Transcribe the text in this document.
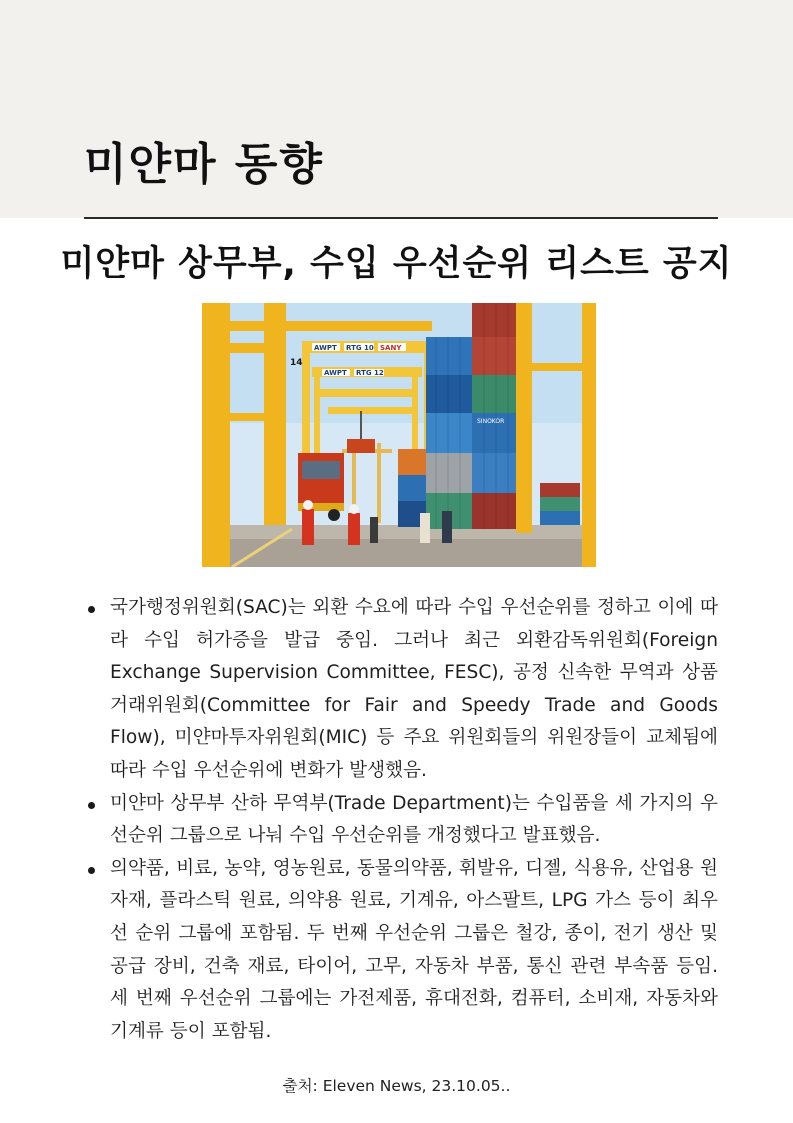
미얀마 동향
미얀마 상무부, 수입 우선순위 리스트 공지
AWPT RTG 10 SANY
AWPT RTG 12
14
SINOKOR
국가행정위원회(SAC)는 외환 수요에 따라 수입 우선순위를 정하고 이에 따라 수입 허가증을 발급 중임. 그러나 최근 외환감독위원회(Foreign Exchange Supervision Committee, FESC), 공정 신속한 무역과 상품 거래위원회(Committee for Fair and Speedy Trade and Goods Flow), 미얀마투자위원회(MIC) 등 주요 위원회들의 위원장들이 교체됨에 따라 수입 우선순위에 변화가 발생했음.
미얀마 상무부 산하 무역부(Trade Department)는 수입품을 세 가지의 우선순위 그룹으로 나눠 수입 우선순위를 개정했다고 발표했음.
의약품, 비료, 농약, 영농원료, 동물의약품, 휘발유, 디젤, 식용유, 산업용 원자재, 플라스틱 원료, 의약용 원료, 기계유, 아스팔트, LPG 가스 등이 최우선 순위 그룹에 포함됨. 두 번째 우선순위 그룹은 철강, 종이, 전기 생산 및 공급 장비, 건축 재료, 타이어, 고무, 자동차 부품, 통신 관련 부속품 등임. 세 번째 우선순위 그룹에는 가전제품, 휴대전화, 컴퓨터, 소비재, 자동차와 기계류 등이 포함됨.
출처: Eleven News, 23.10.05..
